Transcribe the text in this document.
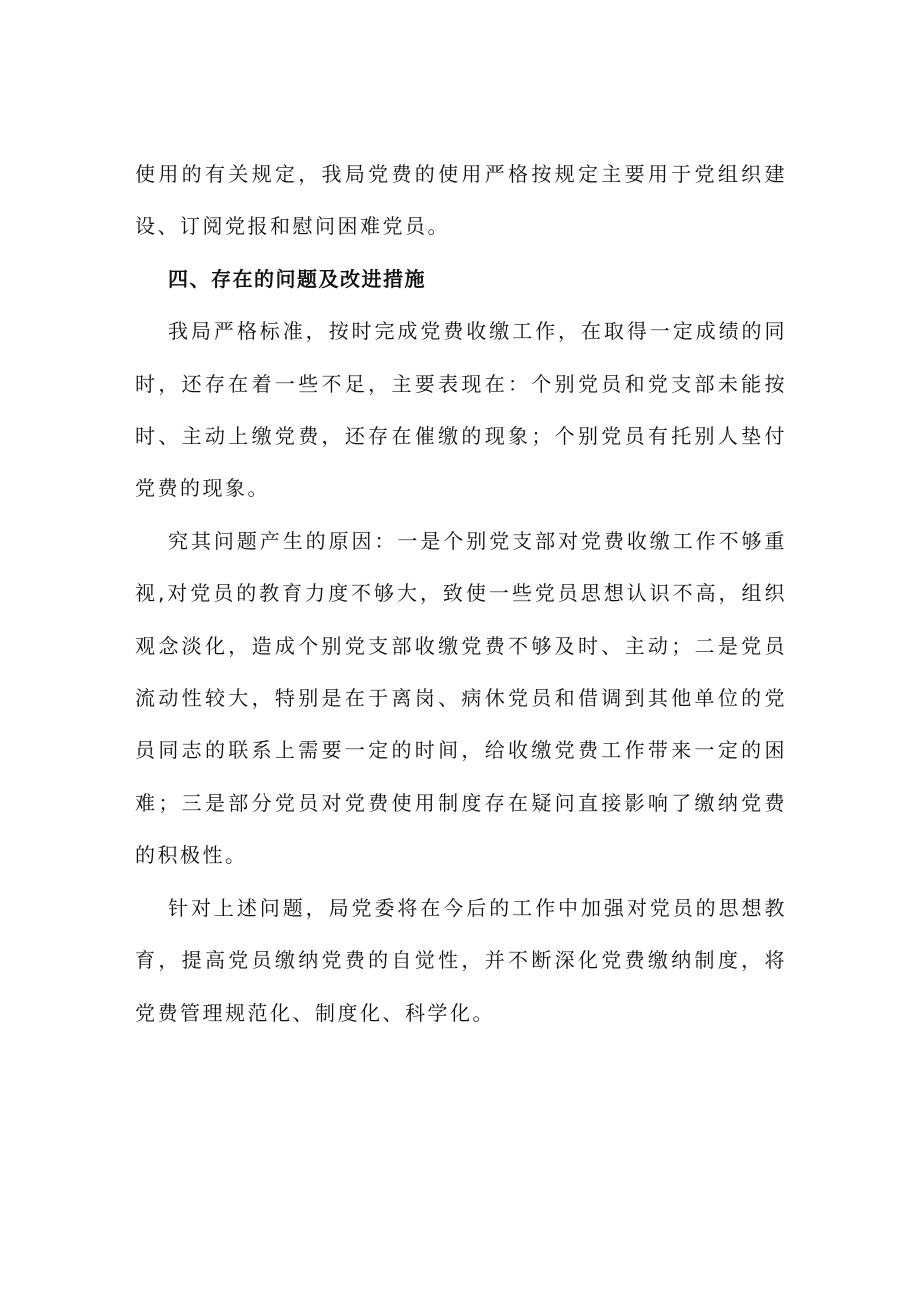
使用的有关规定，我局党费的使用严格按规定主要用于党组织建设、订阅党报和慰问困难党员。

四、存在的问题及改进措施

我局严格标准，按时完成党费收缴工作，在取得一定成绩的同时，还存在着一些不足，主要表现在：个别党员和党支部未能按时、主动上缴党费，还存在催缴的现象；个别党员有托别人垫付党费的现象。

究其问题产生的原因：一是个别党支部对党费收缴工作不够重视,对党员的教育力度不够大，致使一些党员思想认识不高，组织观念淡化，造成个别党支部收缴党费不够及时、主动；二是党员流动性较大，特别是在于离岗、病休党员和借调到其他单位的党员同志的联系上需要一定的时间，给收缴党费工作带来一定的困难；三是部分党员对党费使用制度存在疑问直接影响了缴纳党费的积极性。

针对上述问题，局党委将在今后的工作中加强对党员的思想教育，提高党员缴纳党费的自觉性，并不断深化党费缴纳制度，将党费管理规范化、制度化、科学化。
